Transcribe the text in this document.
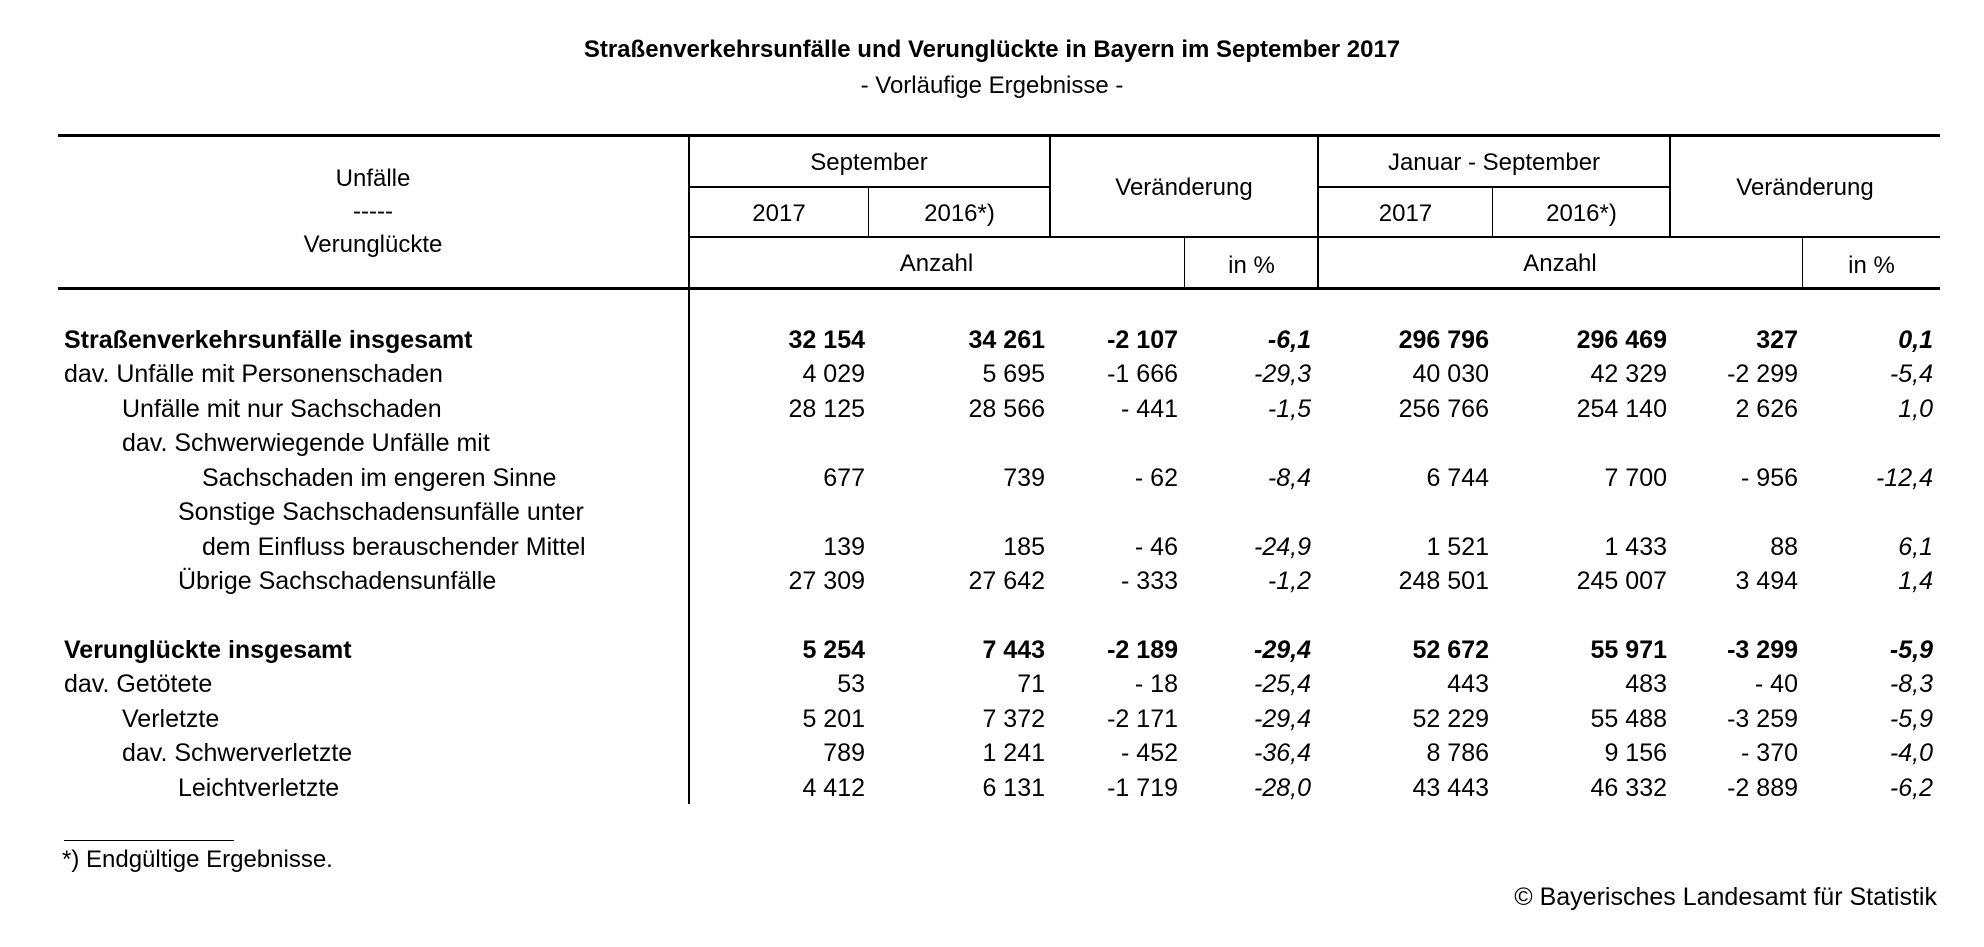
Straßenverkehrsunfälle und Verunglückte in Bayern im September 2017
- Vorläufige Ergebnisse -
Unfälle
-----
Verunglückte
September
Veränderung
Januar - September
Veränderung
2017	2016*)	2017	2016*)
Anzahl	in %	Anzahl	in %
Straßenverkehrsunfälle insgesamt	32 154	34 261	-2 107	-6,1	296 796	296 469	327	0,1
dav. Unfälle mit Personenschaden	4 029	5 695	-1 666	-29,3	40 030	42 329	-2 299	-5,4
Unfälle mit nur Sachschaden	28 125	28 566	- 441	-1,5	256 766	254 140	2 626	1,0
dav. Schwerwiegende Unfälle mit
Sachschaden im engeren Sinne	677	739	- 62	-8,4	6 744	7 700	- 956	-12,4
Sonstige Sachschadensunfälle unter
dem Einfluss berauschender Mittel	139	185	- 46	-24,9	1 521	1 433	88	6,1
Übrige Sachschadensunfälle	27 309	27 642	- 333	-1,2	248 501	245 007	3 494	1,4
Verunglückte insgesamt	5 254	7 443	-2 189	-29,4	52 672	55 971	-3 299	-5,9
dav. Getötete	53	71	- 18	-25,4	443	483	- 40	-8,3
Verletzte	5 201	7 372	-2 171	-29,4	52 229	55 488	-3 259	-5,9
dav. Schwerverletzte	789	1 241	- 452	-36,4	8 786	9 156	- 370	-4,0
Leichtverletzte	4 412	6 131	-1 719	-28,0	43 443	46 332	-2 889	-6,2
*) Endgültige Ergebnisse.
© Bayerisches Landesamt für Statistik
